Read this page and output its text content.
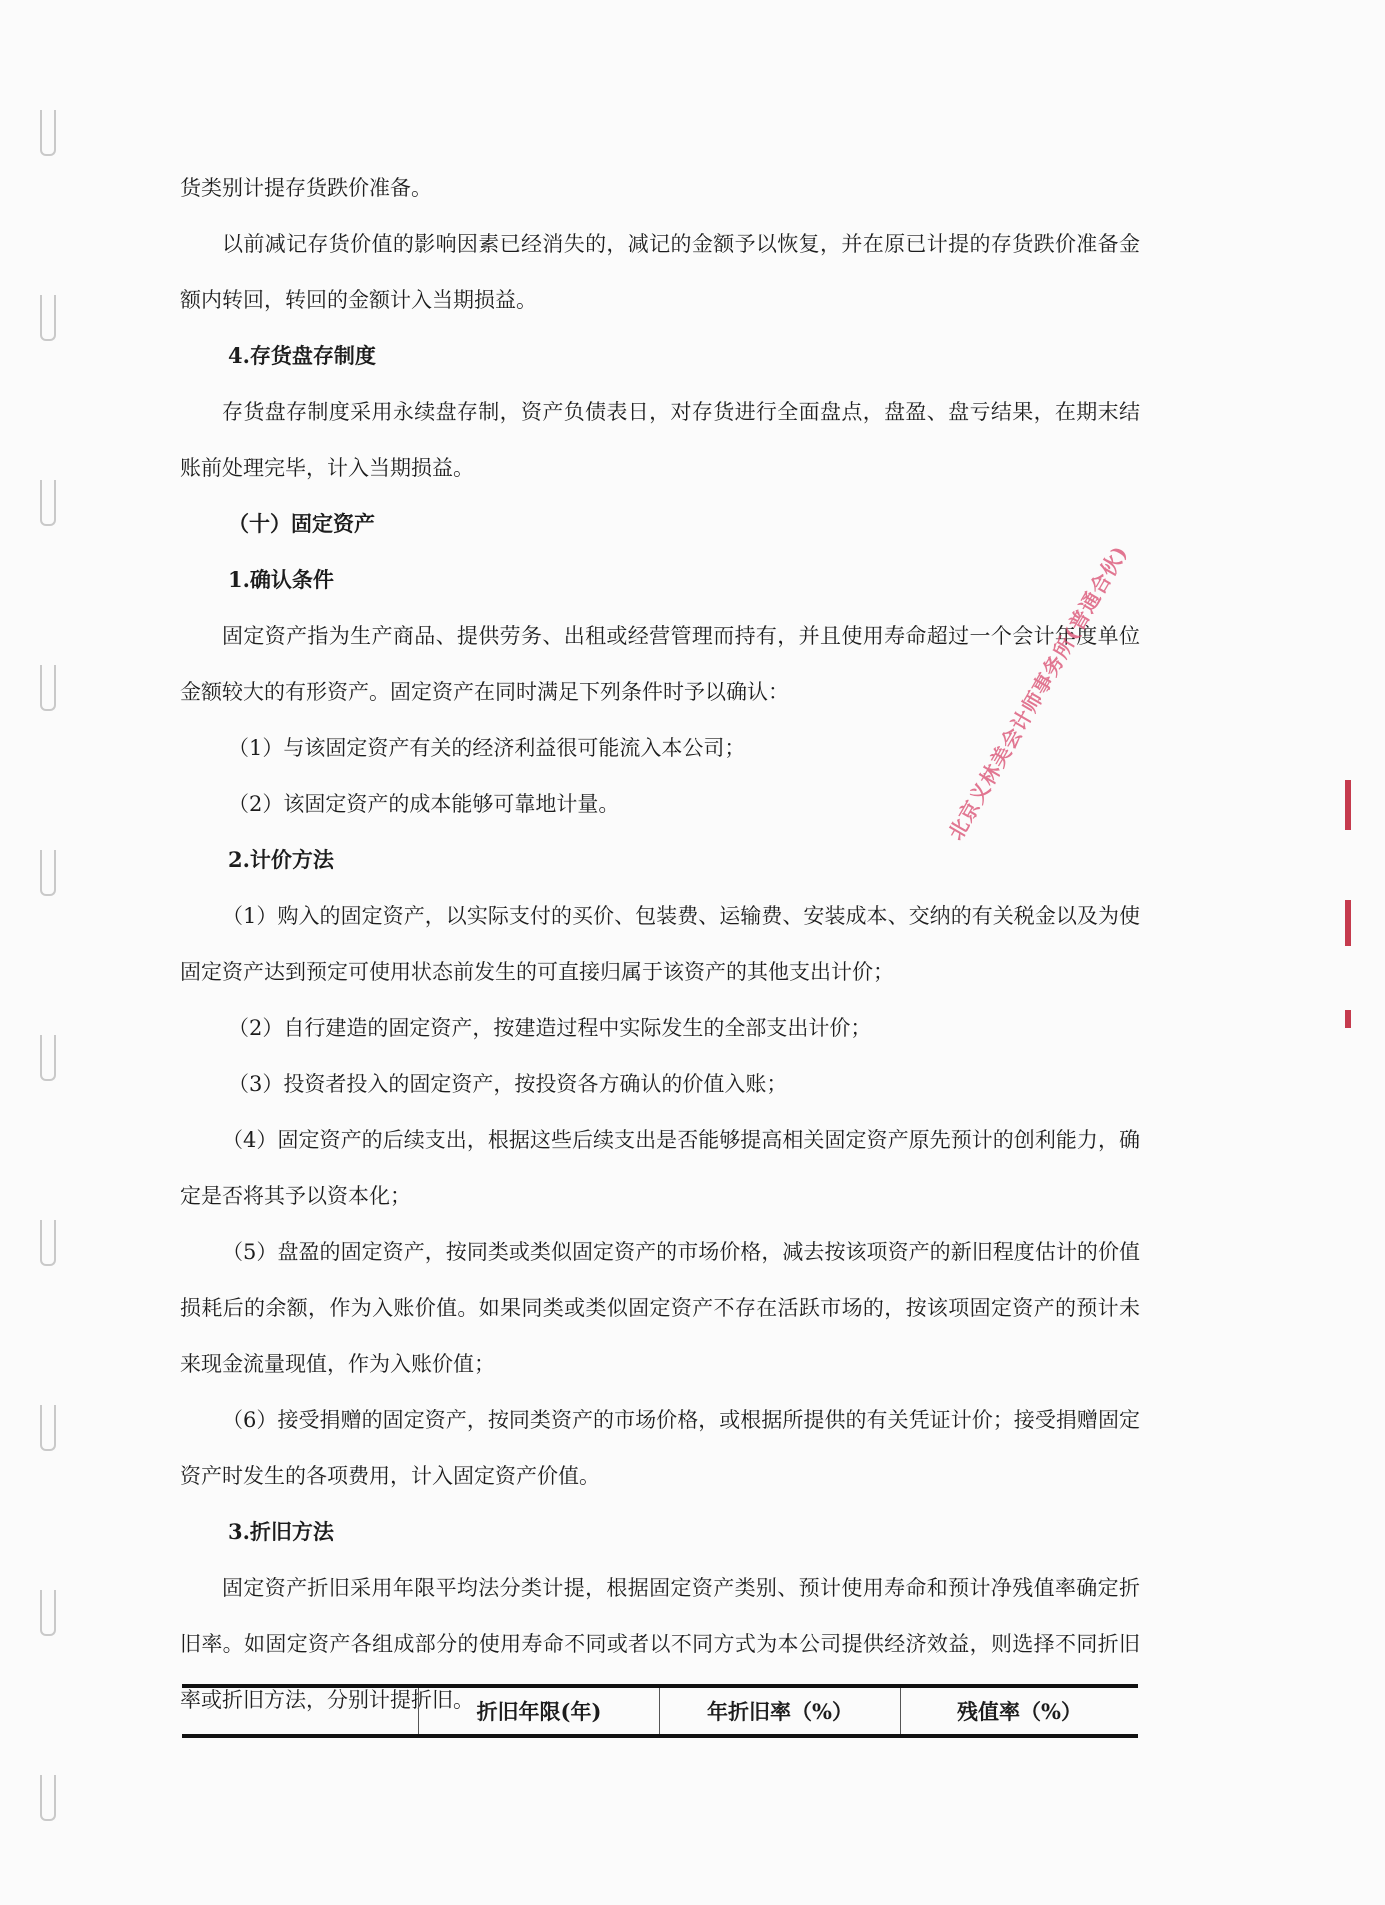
货类别计提存货跌价准备。

以前减记存货价值的影响因素已经消失的，减记的金额予以恢复，并在原已计提的存货跌价准备金额内转回，转回的金额计入当期损益。

4.存货盘存制度

存货盘存制度采用永续盘存制，资产负债表日，对存货进行全面盘点，盘盈、盘亏结果，在期末结账前处理完毕，计入当期损益。

（十）固定资产

1.确认条件

固定资产指为生产商品、提供劳务、出租或经营管理而持有，并且使用寿命超过一个会计年度单位金额较大的有形资产。固定资产在同时满足下列条件时予以确认：

（1）与该固定资产有关的经济利益很可能流入本公司；

（2）该固定资产的成本能够可靠地计量。

2.计价方法

（1）购入的固定资产，以实际支付的买价、包装费、运输费、安装成本、交纳的有关税金以及为使固定资产达到预定可使用状态前发生的可直接归属于该资产的其他支出计价；

（2）自行建造的固定资产，按建造过程中实际发生的全部支出计价；

（3）投资者投入的固定资产，按投资各方确认的价值入账；

（4）固定资产的后续支出，根据这些后续支出是否能够提高相关固定资产原先预计的创利能力，确定是否将其予以资本化；

（5）盘盈的固定资产，按同类或类似固定资产的市场价格，减去按该项资产的新旧程度估计的价值损耗后的余额，作为入账价值。如果同类或类似固定资产不存在活跃市场的，按该项固定资产的预计未来现金流量现值，作为入账价值；

（6）接受捐赠的固定资产，按同类资产的市场价格，或根据所提供的有关凭证计价；接受捐赠固定资产时发生的各项费用，计入固定资产价值。

3.折旧方法

固定资产折旧采用年限平均法分类计提，根据固定资产类别、预计使用寿命和预计净残值率确定折旧率。如固定资产各组成部分的使用寿命不同或者以不同方式为本公司提供经济效益，则选择不同折旧率或折旧方法，分别计提折旧。

	折旧年限(年)	年折旧率（%）	残值率（%）
北京义林美会计师事务所(普通合伙)
